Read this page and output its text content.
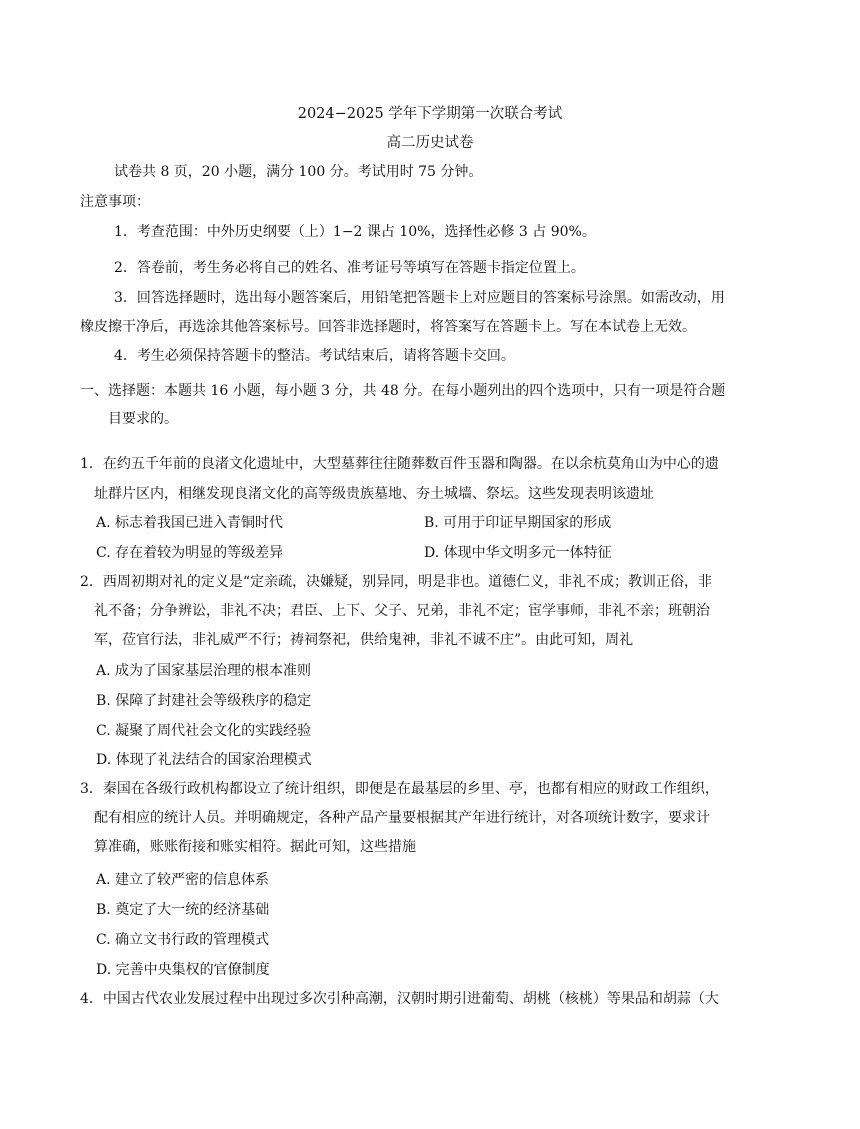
2024−2025 学年下学期第一次联合考试
高二历史试卷
试卷共 8 页，20 小题，满分 100 分。考试用时 75 分钟。
注意事项：
1．考查范围：中外历史纲要（上）1−2 课占 10%，选择性必修 3 占 90%。
2．答卷前，考生务必将自己的姓名、准考证号等填写在答题卡指定位置上。
3．回答选择题时，选出每小题答案后，用铅笔把答题卡上对应题目的答案标号涂黑。如需改动，用
橡皮擦干净后，再选涂其他答案标号。回答非选择题时，将答案写在答题卡上。写在本试卷上无效。
4．考生必须保持答题卡的整洁。考试结束后，请将答题卡交回。
一、选择题：本题共 16 小题，每小题 3 分，共 48 分。在每小题列出的四个选项中，只有一项是符合题
目要求的。
1．在约五千年前的良渚文化遗址中，大型墓葬往往随葬数百件玉器和陶器。在以余杭莫角山为中心的遗
址群片区内，相继发现良渚文化的高等级贵族墓地、夯土城墙、祭坛。这些发现表明该遗址
A. 标志着我国已进入青铜时代	B. 可用于印证早期国家的形成
C. 存在着较为明显的等级差异	D. 体现中华文明多元一体特征
2．西周初期对礼的定义是“定亲疏，决嫌疑，别异同，明是非也。道德仁义，非礼不成；教训正俗，非
礼不备；分争辨讼，非礼不决；君臣、上下、父子、兄弟，非礼不定；宦学事师，非礼不亲；班朝治
军，莅官行法，非礼威严不行；祷祠祭祀，供给鬼神，非礼不诚不庄”。由此可知，周礼
A. 成为了国家基层治理的根本准则
B. 保障了封建社会等级秩序的稳定
C. 凝聚了周代社会文化的实践经验
D. 体现了礼法结合的国家治理模式
3．秦国在各级行政机构都设立了统计组织，即便是在最基层的乡里、亭，也都有相应的财政工作组织，
配有相应的统计人员。并明确规定，各种产品产量要根据其产年进行统计，对各项统计数字，要求计
算准确，账账衔接和账实相符。据此可知，这些措施
A. 建立了较严密的信息体系
B. 奠定了大一统的经济基础
C. 确立文书行政的管理模式
D. 完善中央集权的官僚制度
4．中国古代农业发展过程中出现过多次引种高潮，汉朝时期引进葡萄、胡桃（核桃）等果品和胡蒜（大
